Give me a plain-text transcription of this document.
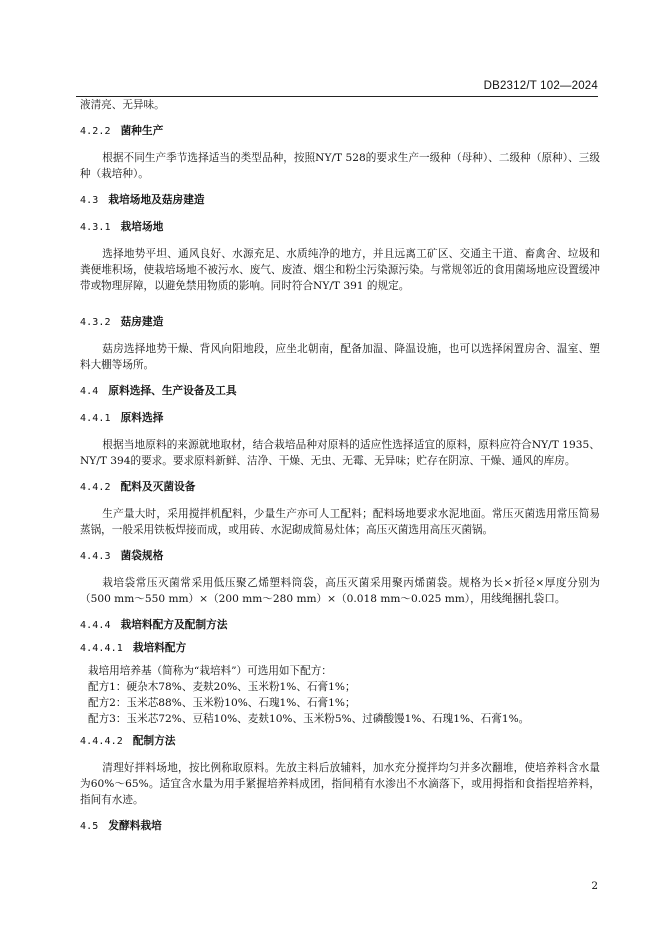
DB2312/T 102—2024

液清亮、无异味。

4.2.2 菌种生产

根据不同生产季节选择适当的类型品种，按照NY/T 528的要求生产一级种（母种）、二级种（原种）、三级种（栽培种）。

4.3 栽培场地及菇房建造
4.3.1 栽培场地

选择地势平坦、通风良好、水源充足、水质纯净的地方，并且远离工矿区、交通主干道、畜禽舍、垃圾和粪便堆积场，使栽培场地不被污水、废气、废渣、烟尘和粉尘污染源污染。与常规邻近的食用菌场地应设置缓冲带或物理屏障，以避免禁用物质的影响。同时符合NY/T 391 的规定。

4.3.2 菇房建造

菇房选择地势干燥、背风向阳地段，应坐北朝南，配备加温、降温设施，也可以选择闲置房舍、温室、塑料大棚等场所。

4.4 原料选择、生产设备及工具
4.4.1 原料选择

根据当地原料的来源就地取材，结合栽培品种对原料的适应性选择适宜的原料，原料应符合NY/T 1935、NY/T 394的要求。要求原料新鲜、洁净、干燥、无虫、无霉、无异味；贮存在阴凉、干燥、通风的库房。

4.4.2 配料及灭菌设备

生产量大时，采用搅拌机配料，少量生产亦可人工配料；配料场地要求水泥地面。常压灭菌选用常压简易蒸锅，一般采用铁板焊接而成，或用砖、水泥砌成简易灶体；高压灭菌选用高压灭菌锅。

4.4.3 菌袋规格

栽培袋常压灭菌常采用低压聚乙烯塑料筒袋，高压灭菌采用聚丙烯菌袋。规格为长×折径×厚度分别为（500 mm～550 mm）×（200 mm～280 mm）×（0.018 mm～0.025 mm），用线绳捆扎袋口。

4.4.4 栽培料配方及配制方法
4.4.4.1 栽培料配方

栽培用培养基（简称为“栽培料”）可选用如下配方：

配方1：硬杂木78%、麦麸20%、玉米粉1%、石膏1%；

配方2：玉米芯88%、玉米粉10%、石瑰1%、石膏1%；

配方3：玉米芯72%、豆秸10%、麦麸10%、玉米粉5%、过磷酸馒1%、石瑰1%、石膏1%。

4.4.4.2 配制方法

清理好拌料场地，按比例称取原料。先放主料后放辅料，加水充分搅拌均匀并多次翻堆，使培养料含水量为60%～65%。适宜含水量为用手紧握培养料成团，指间稍有水渗出不水滴落下，或用拇指和食指捏培养料，指间有水迹。

4.5 发酵料栽培
2
